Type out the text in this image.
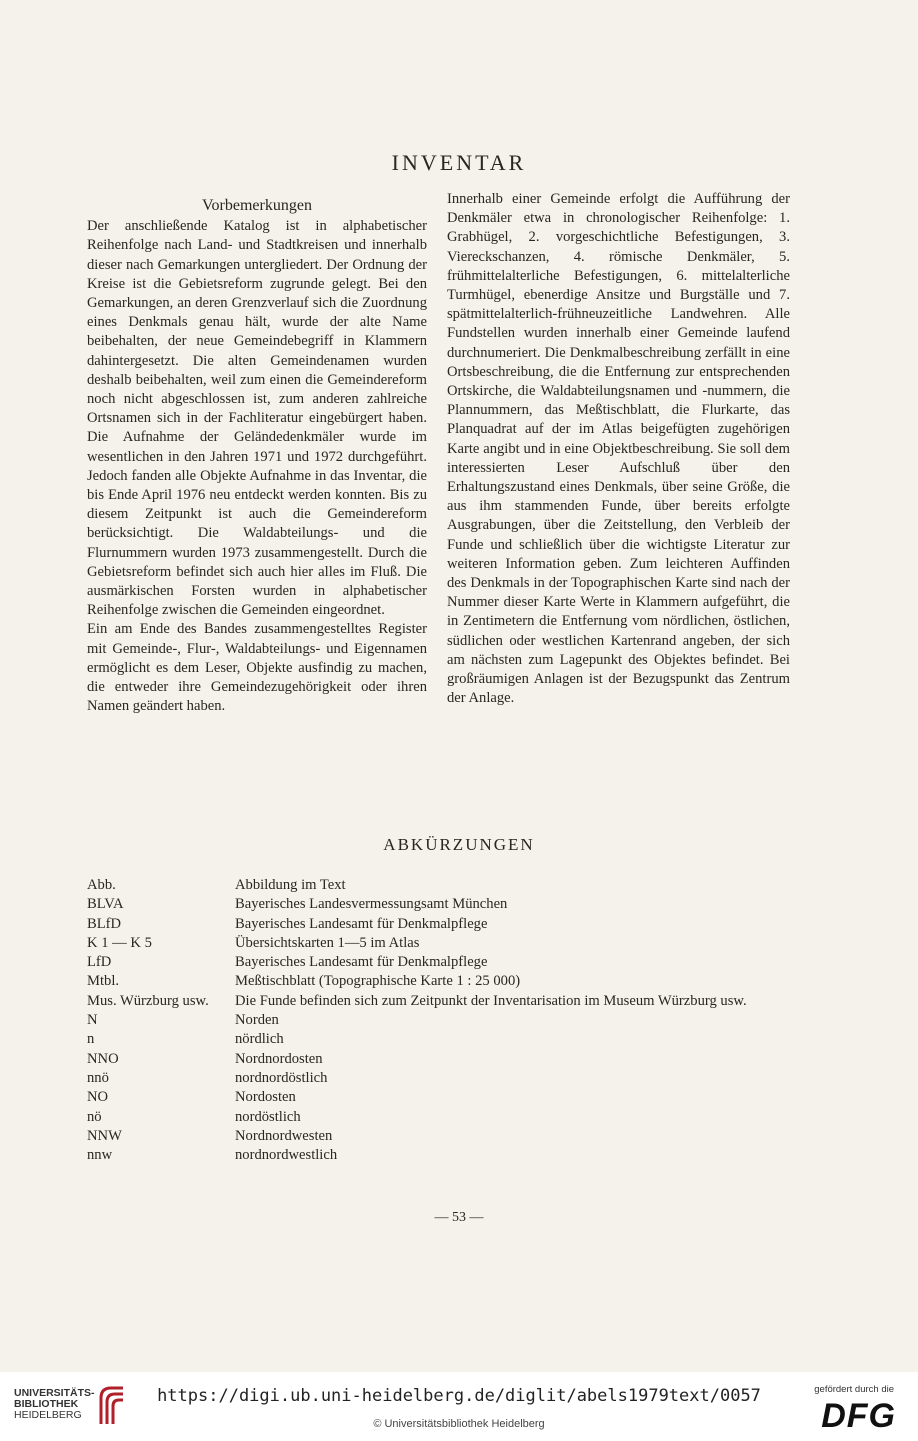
INVENTAR
Vorbemerkungen

Der anschließende Katalog ist in alphabetischer Reihenfolge nach Land- und Stadtkreisen und innerhalb dieser nach Gemarkungen untergliedert. Der Ordnung der Kreise ist die Gebietsreform zugrunde gelegt. Bei den Gemarkungen, an deren Grenzverlauf sich die Zuordnung eines Denkmals genau hält, wurde der alte Name beibehalten, der neue Gemeindebegriff in Klammern dahintergesetzt. Die alten Gemeindenamen wurden deshalb beibehalten, weil zum einen die Gemeindereform noch nicht abgeschlossen ist, zum anderen zahlreiche Ortsnamen sich in der Fachliteratur eingebürgert haben. Die Aufnahme der Geländedenkmäler wurde im wesentlichen in den Jahren 1971 und 1972 durchgeführt. Jedoch fanden alle Objekte Aufnahme in das Inventar, die bis Ende April 1976 neu entdeckt werden konnten. Bis zu diesem Zeitpunkt ist auch die Gemeindereform berücksichtigt. Die Waldabteilungs- und die Flurnummern wurden 1973 zusammengestellt. Durch die Gebietsreform befindet sich auch hier alles im Fluß. Die ausmärkischen Forsten wurden in alphabetischer Reihenfolge zwischen die Gemeinden eingeordnet.

Ein am Ende des Bandes zusammengestelltes Register mit Gemeinde-, Flur-, Waldabteilungs- und Eigennamen ermöglicht es dem Leser, Objekte ausfindig zu machen, die entweder ihre Gemeindezugehörigkeit oder ihren Namen geändert haben.

Innerhalb einer Gemeinde erfolgt die Aufführung der Denkmäler etwa in chronologischer Reihenfolge: 1. Grabhügel, 2. vorgeschichtliche Befestigungen, 3. Viereckschanzen, 4. römische Denkmäler, 5. frühmittelalterliche Befestigungen, 6. mittelalterliche Turmhügel, ebenerdige Ansitze und Burgställe und 7. spätmittelalterlich-frühneuzeitliche Landwehren. Alle Fundstellen wurden innerhalb einer Gemeinde laufend durchnumeriert. Die Denkmalbeschreibung zerfällt in eine Ortsbeschreibung, die die Entfernung zur entsprechenden Ortskirche, die Waldabteilungsnamen und -nummern, die Plannummern, das Meßtischblatt, die Flurkarte, das Planquadrat auf der im Atlas beigefügten zugehörigen Karte angibt und in eine Objektbeschreibung. Sie soll dem interessierten Leser Aufschluß über den Erhaltungszustand eines Denkmals, über seine Größe, die aus ihm stammenden Funde, über bereits erfolgte Ausgrabungen, über die Zeitstellung, den Verbleib der Funde und schließlich über die wichtigste Literatur zur weiteren Information geben. Zum leichteren Auffinden des Denkmals in der Topographischen Karte sind nach der Nummer dieser Karte Werte in Klammern aufgeführt, die in Zentimetern die Entfernung vom nördlichen, östlichen, südlichen oder westlichen Kartenrand angeben, der sich am nächsten zum Lagepunkt des Objektes befindet. Bei großräumigen Anlagen ist der Bezugspunkt das Zentrum der Anlage.

ABKÜRZUNGEN
Abb.	Abbildung im Text
BLVA	Bayerisches Landesvermessungsamt München
BLfD	Bayerisches Landesamt für Denkmalpflege
K 1 — K 5	Übersichtskarten 1—5 im Atlas
LfD	Bayerisches Landesamt für Denkmalpflege
Mtbl.	Meßtischblatt (Topographische Karte 1 : 25 000)
Mus. Würzburg usw.	Die Funde befinden sich zum Zeitpunkt der Inventarisation im Museum Würzburg usw.
N	Norden
n	nördlich
NNO	Nordnordosten
nnö	nordnordöstlich
NO	Nordosten
nö	nordöstlich
NNW	Nordnordwesten
nnw	nordnordwestlich
— 53 —
UNIVERSITÄTS-
BIBLIOTHEK
HEIDELBERG
https://digi.ub.uni-heidelberg.de/diglit/abels1979text/0057
© Universitätsbibliothek Heidelberg
gefördert durch die
DFG
